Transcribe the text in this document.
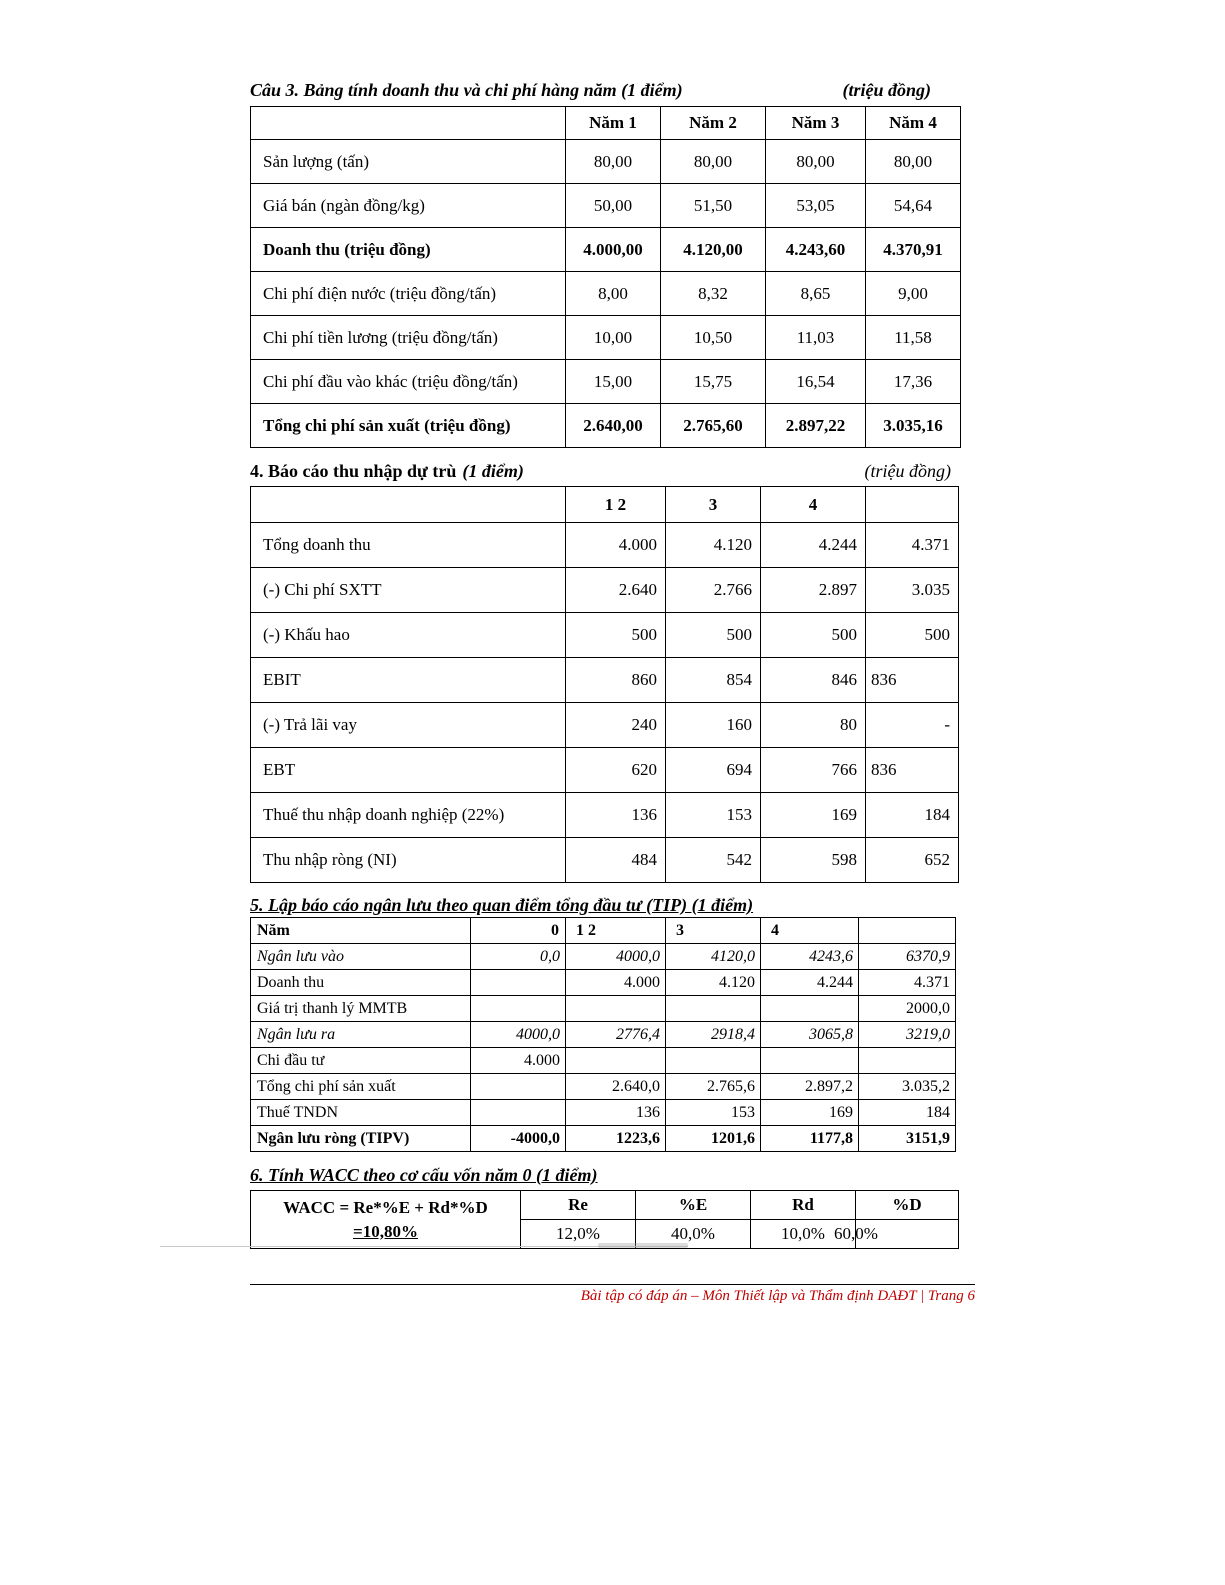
Câu 3. Bảng tính doanh thu và chi phí hàng năm (1 điểm)	(triệu đồng)
	Năm 1	Năm 2	Năm 3	Năm 4
Sản lượng (tấn)	80,00	80,00	80,00	80,00
Giá bán (ngàn đồng/kg)	50,00	51,50	53,05	54,64
Doanh thu (triệu đồng)	4.000,00	4.120,00	4.243,60	4.370,91
Chi phí điện nước (triệu đồng/tấn)	8,00	8,32	8,65	9,00
Chi phí tiền lương (triệu đồng/tấn)	10,00	10,50	11,03	11,58
Chi phí đầu vào khác (triệu đồng/tấn)	15,00	15,75	16,54	17,36
Tổng chi phí sản xuất (triệu đồng)	2.640,00	2.765,60	2.897,22	3.035,16
4. Báo cáo thu nhập dự trù (1 điểm)	(triệu đồng)
	1 2	3	4	
Tổng doanh thu	4.000	4.120	4.244	4.371
(-) Chi phí SXTT	2.640	2.766	2.897	3.035
(-) Khấu hao	500	500	500	500
EBIT	860	854	846	836
(-) Trả lãi vay	240	160	80	-
EBT	620	694	766	836
Thuế thu nhập doanh nghiệp (22%)	136	153	169	184
Thu nhập ròng (NI)	484	542	598	652
5. Lập báo cáo ngân lưu theo quan điểm tổng đầu tư (TIP) (1 điểm)
Năm	0	1 2	3	4	
Ngân lưu vào	0,0	4000,0	4120,0	4243,6	6370,9
Doanh thu		4.000	4.120	4.244	4.371
Giá trị thanh lý MMTB					2000,0
Ngân lưu ra	4000,0	2776,4	2918,4	3065,8	3219,0
Chi đầu tư	4.000				
Tổng chi phí sản xuất		2.640,0	2.765,6	2.897,2	3.035,2
Thuế TNDN		136	153	169	184
Ngân lưu ròng (TIPV)	-4000,0	1223,6	1201,6	1177,8	3151,9
6. Tính WACC theo cơ cấu vốn năm 0 (1 điểm)
WACC = Re*%E + Rd*%D
=10,80%	Re	%E	Rd	%D
	12,0%	40,0%	10,0%	60,0%
Bài tập có đáp án – Môn Thiết lập và Thẩm định DAĐT | Trang 6
